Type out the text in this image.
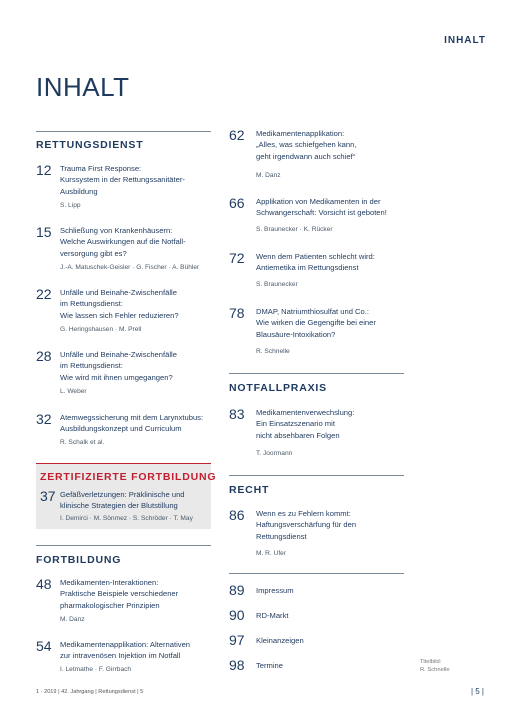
INHALT
INHALT
RETTUNGSDIENST
12 Trauma First Response:
Kurssystem in der Rettungssanitäter-
Ausbildung
S. Lipp
15 Schließung von Krankenhäusern:
Welche Auswirkungen auf die Notfall-
versorgung gibt es?
J.-A. Matuschek-Geisler · G. Fischer · A. Bühler
22 Unfälle und Beinahe-Zwischenfälle
im Rettungsdienst:
Wie lassen sich Fehler reduzieren?
G. Heringshausen · M. Prell
28 Unfälle und Beinahe-Zwischenfälle
im Rettungsdienst:
Wie wird mit ihnen umgegangen?
L. Weber
32 Atemwegssicherung mit dem Larynxtubus:
Ausbildungskonzept und Curriculum
R. Schalk et al.
ZERTIFIZIERTE FORTBILDUNG
37 Gefäßverletzungen: Präklinische und
klinische Strategien der Blutstillung
I. Demirci · M. Sönmez · S. Schröder · T. May
FORTBILDUNG
48 Medikamenten-Interaktionen:
Praktische Beispiele verschiedener
pharmakologischer Prinzipien
M. Danz
54 Medikamentenapplikation: Alternativen
zur intravenösen Injektion im Notfall
I. Letmathe · F. Girrbach
62 Medikamentenapplikation:
„Alles, was schiefgehen kann,
geht irgendwann auch schief“
M. Danz
66 Applikation von Medikamenten in der
Schwangerschaft: Vorsicht ist geboten!
S. Braunecker · K. Rücker
72 Wenn dem Patienten schlecht wird:
Antiemetika im Rettungsdienst
S. Braunecker
78 DMAP, Natriumthiosulfat und Co.:
Wie wirken die Gegengifte bei einer
Blausäure-Intoxikation?
R. Schnelle
NOTFALLPRAXIS
83 Medikamentenverwechslung:
Ein Einsatzszenario mit
nicht absehbaren Folgen
T. Joormann
RECHT
86 Wenn es zu Fehlern kommt:
Haftungsverschärfung für den
Rettungsdienst
M. R. Ufer
89 Impressum
90 RD-Markt
97 Kleinanzeigen
98 Termine	Titelbild:
R. Schnelle
1 · 2019 | 42. Jahrgang | Rettungsdienst | 5	| 5 |
